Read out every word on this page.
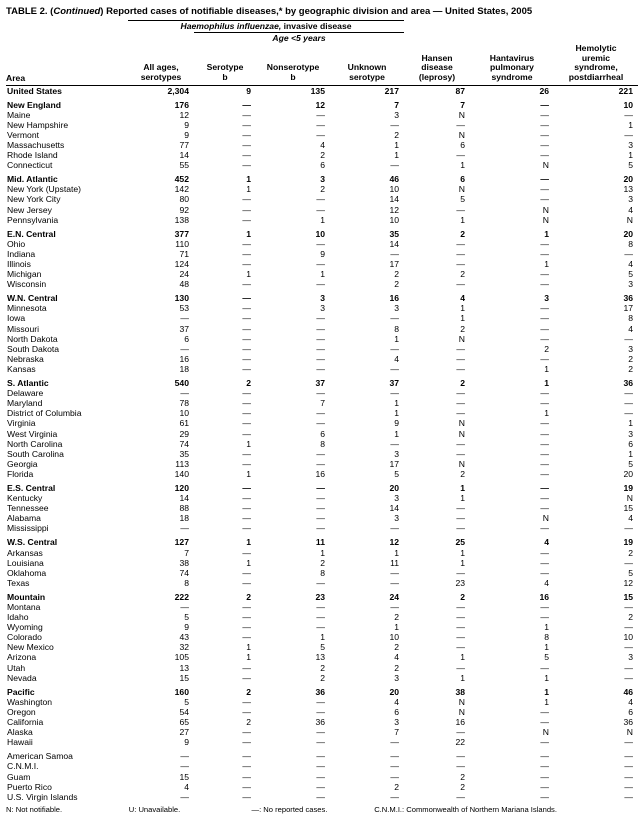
TABLE 2. (Continued) Reported cases of notifiable diseases,* by geographic division and area — United States, 2005
	Haemophilus influenzae, invasive disease						
		Age <5 years					
Area	
All ages,
serotypes

Serotype
b

Nonserotype
b

Unknown
serotype

Hansen
disease
(leprosy)

Hantavirus
pulmonary
syndrome

Hemolytic
uremic
syndrome,
postdiarrheal

United States	2,304	9	135	217	87	26	221

New England	176	—	12	7	7	—	10
Maine	12	—	—	3	N	—	—
New Hampshire	9	—	—	—	—	—	1
Vermont	9	—	—	2	N	—	—
Massachusetts	77	—	4	1	6	—	3
Rhode Island	14	—	2	1	—	—	1
Connecticut	55	—	6	—	1	N	5

Mid. Atlantic	452	1	3	46	6	—	20
New York (Upstate)	142	1	2	10	N	—	13
New York City	80	—	—	14	5	—	3
New Jersey	92	—	—	12	—	N	4
Pennsylvania	138	—	1	10	1	N	N

E.N. Central	377	1	10	35	2	1	20
Ohio	110	—	—	14	—	—	8
Indiana	71	—	9	—	—	—	—
Illinois	124	—	—	17	—	1	4
Michigan	24	1	1	2	2	—	5
Wisconsin	48	—	—	2	—	—	3

W.N. Central	130	—	3	16	4	3	36
Minnesota	53	—	3	3	1	—	17
Iowa	—	—	—	—	1	—	8
Missouri	37	—	—	8	2	—	4
North Dakota	6	—	—	1	N	—	—
South Dakota	—	—	—	—	—	2	3
Nebraska	16	—	—	4	—	—	2
Kansas	18	—	—	—	—	1	2

S. Atlantic	540	2	37	37	2	1	36
Delaware	—	—	—	—	—	—	—
Maryland	78	—	7	1	—	—	—
District of Columbia	10	—	—	1	—	1	—
Virginia	61	—	—	9	N	—	1
West Virginia	29	—	6	1	N	—	3
North Carolina	74	1	8	—	—	—	6
South Carolina	35	—	—	3	—	—	1
Georgia	113	—	—	17	N	—	5
Florida	140	1	16	5	2	—	20

E.S. Central	120	—	—	20	1	—	19
Kentucky	14	—	—	3	1	—	N
Tennessee	88	—	—	14	—	—	15
Alabama	18	—	—	3	—	N	4
Mississippi	—	—	—	—	—	—	—

W.S. Central	127	1	11	12	25	4	19
Arkansas	7	—	1	1	1	—	2
Louisiana	38	1	2	11	1	—	—
Oklahoma	74	—	8	—	—	—	5
Texas	8	—	—	—	23	4	12

Mountain	222	2	23	24	2	16	15
Montana	—	—	—	—	—	—	—
Idaho	5	—	—	2	—	—	2
Wyoming	9	—	—	1	—	1	—
Colorado	43	—	1	10	—	8	10
New Mexico	32	1	5	2	—	1	—
Arizona	105	1	13	4	1	5	3
Utah	13	—	2	2	—	—	—
Nevada	15	—	2	3	1	1	—

Pacific	160	2	36	20	38	1	46
Washington	5	—	—	4	N	1	4
Oregon	54	—	—	6	N	—	6
California	65	2	36	3	16	—	36
Alaska	27	—	—	7	—	N	N
Hawaii	9	—	—	—	22	—	—

American Samoa	—	—	—	—	—	—	—
C.N.M.I.	—	—	—	—	—	—	—
Guam	15	—	—	—	2	—	—
Puerto Rico	4	—	—	2	2	—	—
U.S. Virgin Islands	—	—	—	—	—	—	—
N: Not notifiable.	U: Unavailable.	—: No reported cases.	C.N.M.I.: Commonwealth of Northern Mariana Islands.
